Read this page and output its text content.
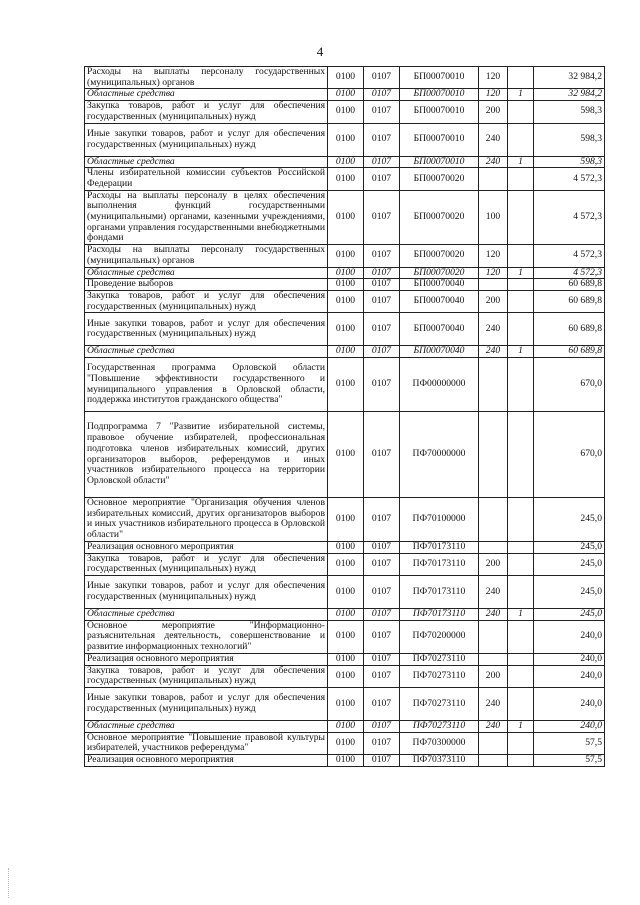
4
Расходы на выплаты персоналу государственных (муниципальных) органов	0100	0107	БП00070010	120		32 984,2
Областные средства	0100	0107	БП00070010	120	1	32 984,2
Закупка товаров, работ и услуг для обеспечения государственных (муниципальных) нужд	0100	0107	БП00070010	200		598,3
Иные закупки товаров, работ и услуг для обеспечения государственных (муниципальных) нужд	0100	0107	БП00070010	240		598,3
Областные средства	0100	0107	БП00070010	240	1	598,3
Члены избирательной комиссии субъектов Российской Федерации	0100	0107	БП00070020			4 572,3
Расходы на выплаты персоналу в целях обеспечения выполнения функций государственными (муниципальными) органами, казенными учреждениями, органами управления государственными внебюджетными фондами	0100	0107	БП00070020	100		4 572,3
Расходы на выплаты персоналу государственных (муниципальных) органов	0100	0107	БП00070020	120		4 572,3
Областные средства	0100	0107	БП00070020	120	1	4 572,3
Проведение выборов	0100	0107	БП00070040			60 689,8
Закупка товаров, работ и услуг для обеспечения государственных (муниципальных) нужд	0100	0107	БП00070040	200		60 689,8
Иные закупки товаров, работ и услуг для обеспечения государственных (муниципальных) нужд	0100	0107	БП00070040	240		60 689,8
Областные средства	0100	0107	БП00070040	240	1	60 689,8
Государственная программа Орловской области "Повышение эффективности государственного и муниципального управления в Орловской области, поддержка институтов гражданского общества"	0100	0107	ПФ00000000			670,0
Подпрограмма 7 "Развитие избирательной системы, правовое обучение избирателей, профессиональная подготовка членов избирательных комиссий, других организаторов выборов, референдумов и иных участников избирательного процесса на территории Орловской области"	0100	0107	ПФ70000000			670,0
Основное мероприятие "Организация обучения членов избирательных комиссий, других организаторов выборов и иных участников избирательного процесса в Орловской области"	0100	0107	ПФ70100000			245,0
Реализация основного мероприятия	0100	0107	ПФ70173110			245,0
Закупка товаров, работ и услуг для обеспечения государственных (муниципальных) нужд	0100	0107	ПФ70173110	200		245,0
Иные закупки товаров, работ и услуг для обеспечения государственных (муниципальных) нужд	0100	0107	ПФ70173110	240		245,0
Областные средства	0100	0107	ПФ70173110	240	1	245,0
Основное мероприятие "Информационно-разъяснительная деятельность, совершенствование и развитие информационных технологий"	0100	0107	ПФ70200000			240,0
Реализация основного мероприятия	0100	0107	ПФ70273110			240,0
Закупка товаров, работ и услуг для обеспечения государственных (муниципальных) нужд	0100	0107	ПФ70273110	200		240,0
Иные закупки товаров, работ и услуг для обеспечения государственных (муниципальных) нужд	0100	0107	ПФ70273110	240		240,0
Областные средства	0100	0107	ПФ70273110	240	1	240,0
Основное мероприятие "Повышение правовой культуры избирателей, участников референдума"	0100	0107	ПФ70300000			57,5
Реализация основного мероприятия	0100	0107	ПФ70373110			57,5
